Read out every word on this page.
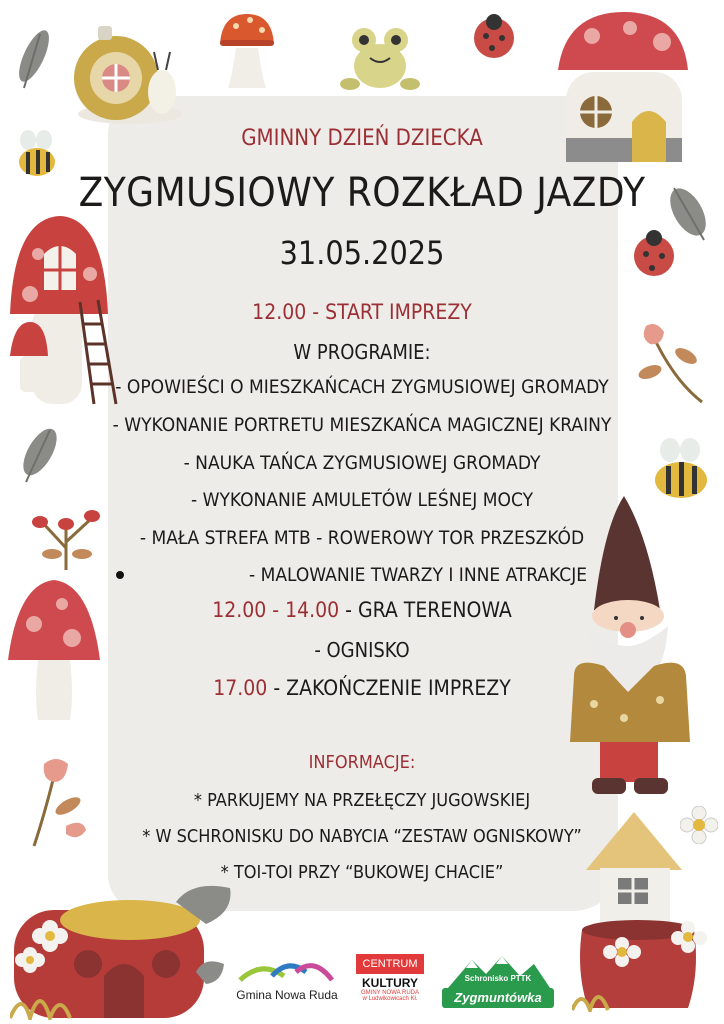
GMINNY DZIEŃ DZIECKA
ZYGMUSIOWY ROZKŁAD JAZDY
31.05.2025
12.00 - START IMPREZY
W PROGRAMIE:
- OPOWIEŚCI O MIESZKAŃCACH ZYGMUSIOWEJ GROMADY
- WYKONANIE PORTRETU MIESZKAŃCA MAGICZNEJ KRAINY
- NAUKA TAŃCA ZYGMUSIOWEJ GROMADY
- WYKONANIE AMULETÓW LEŚNEJ MOCY
- MAŁA STREFA MTB - ROWEROWY TOR PRZESZKÓD
- MALOWANIE TWARZY I INNE ATRAKCJE
12.00 - 14.00 - GRA TERENOWA
- OGNISKO
17.00 - ZAKOŃCZENIE IMPREZY
INFORMACJE:
* PARKUJEMY NA PRZEŁĘCZY JUGOWSKIEJ
* W SCHRONISKU DO NABYCIA “ZESTAW OGNISKOWY”
* TOI-TOI PRZY “BUKOWEJ CHACIE”
Gmina Nowa Ruda
CENTRUM
KULTURY
GMINY NOWA RUDA
w Ludwikowicach Kł.
Schronisko PTTK
Zygmuntówka
